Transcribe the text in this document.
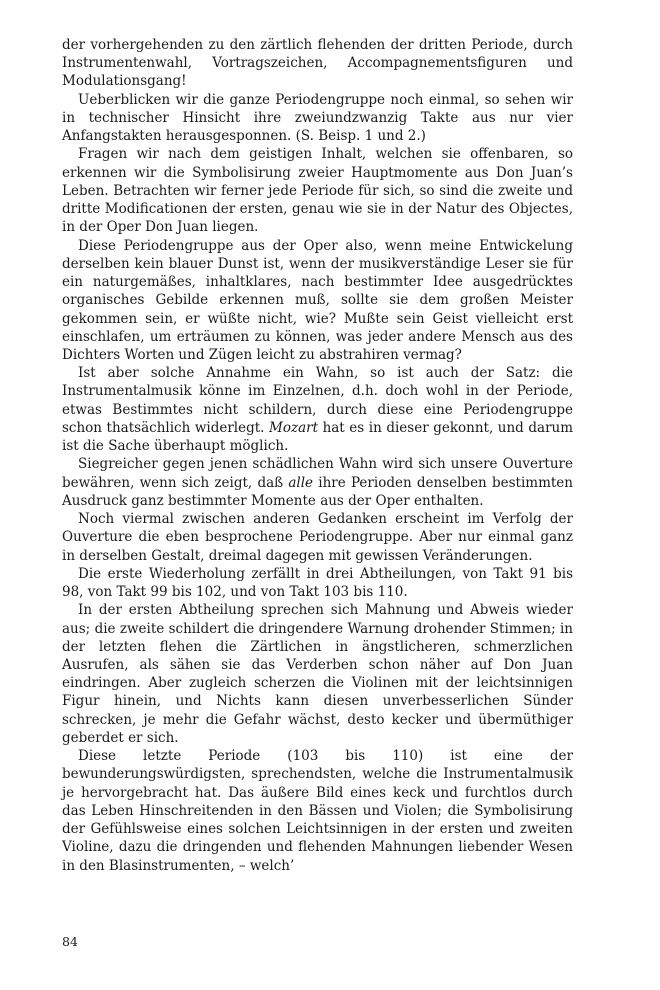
der vorhergehenden zu den zärtlich flehenden der dritten Periode, durch Instrumentenwahl, Vortragszeichen, Accompagnementsfiguren und Modulationsgang!

Ueberblicken wir die ganze Periodengruppe noch einmal, so sehen wir in technischer Hinsicht ihre zweiundzwanzig Takte aus nur vier Anfangstakten herausgesponnen. (S. Beisp. 1 und 2.)

Fragen wir nach dem geistigen Inhalt, welchen sie offenbaren, so erkennen wir die Symbolisirung zweier Hauptmomente aus Don Juan’s Leben. Betrachten wir ferner jede Periode für sich, so sind die zweite und dritte Modificationen der ersten, genau wie sie in der Natur des Objectes, in der Oper Don Juan liegen.

Diese Periodengruppe aus der Oper also, wenn meine Entwickelung derselben kein blauer Dunst ist, wenn der musikverständige Leser sie für ein naturgemäßes, inhaltklares, nach bestimmter Idee ausgedrücktes organisches Gebilde erkennen muß, sollte sie dem großen Meister gekommen sein, er wüßte nicht, wie? Mußte sein Geist vielleicht erst einschlafen, um erträumen zu können, was jeder andere Mensch aus des Dichters Worten und Zügen leicht zu abstrahiren vermag?

Ist aber solche Annahme ein Wahn, so ist auch der Satz: die Instrumentalmusik könne im Einzelnen, d.h. doch wohl in der Periode, etwas Bestimmtes nicht schildern, durch diese eine Periodengruppe schon thatsächlich widerlegt. Mozart hat es in dieser gekonnt, und darum ist die Sache überhaupt möglich.

Siegreicher gegen jenen schädlichen Wahn wird sich unsere Ouverture bewähren, wenn sich zeigt, daß alle ihre Perioden denselben bestimmten Ausdruck ganz bestimmter Momente aus der Oper enthalten.

Noch viermal zwischen anderen Gedanken erscheint im Verfolg der Ouverture die eben besprochene Periodengruppe. Aber nur einmal ganz in derselben Gestalt, dreimal dagegen mit gewissen Veränderungen.

Die erste Wiederholung zerfällt in drei Abtheilungen, von Takt 91 bis 98, von Takt 99 bis 102, und von Takt 103 bis 110.

In der ersten Abtheilung sprechen sich Mahnung und Abweis wieder aus; die zweite schildert die dringendere Warnung drohender Stimmen; in der letzten flehen die Zärtlichen in ängstlicheren, schmerzlichen Ausrufen, als sähen sie das Verderben schon näher auf Don Juan eindringen. Aber zugleich scherzen die Violinen mit der leichtsinnigen Figur hinein, und Nichts kann diesen unverbesserlichen Sünder schrecken, je mehr die Gefahr wächst, desto kecker und übermüthiger geberdet er sich.

Diese letzte Periode (103 bis 110) ist eine der bewunderungswürdigsten, sprechendsten, welche die Instrumentalmusik je hervorgebracht hat. Das äußere Bild eines keck und furchtlos durch das Leben Hinschreitenden in den Bässen und Violen; die Symbolisirung der Gefühlsweise eines solchen Leichtsinnigen in der ersten und zweiten Violine, dazu die dringenden und flehenden Mahnungen liebender Wesen in den Blasinstrumenten, – welch’

84
